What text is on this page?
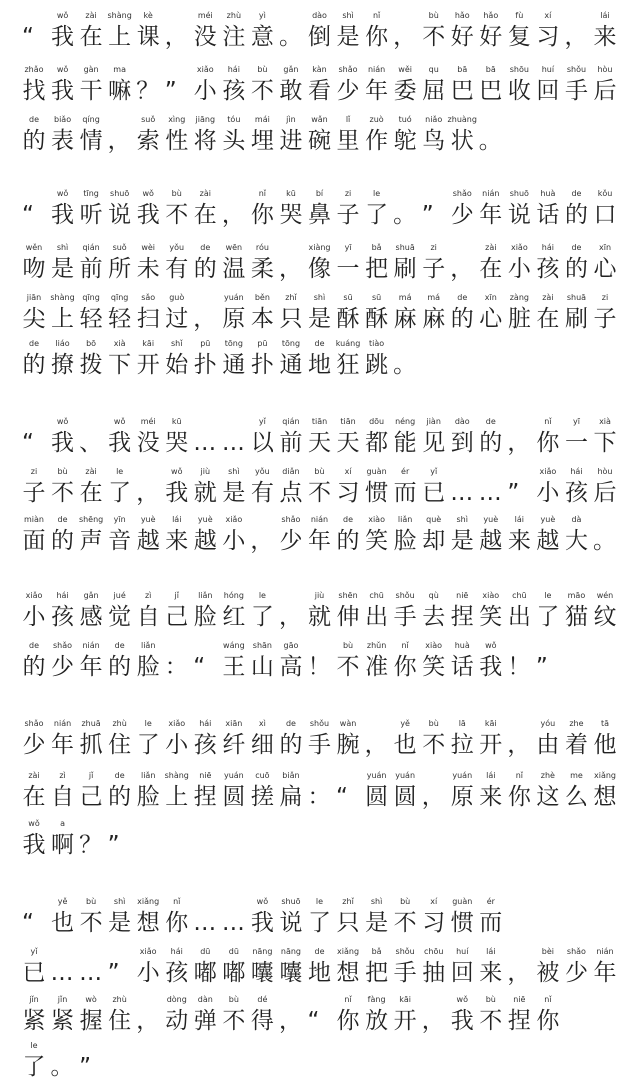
“
wǒ
我
zài
在
shàng
上
kè
课 ，
méi
没
zhù
注
yì
意 。
dào
倒
shì
是
nǐ
你 ，
bù
不
hǎo
好
hǎo
好
fù
复
xí
习 ，
lái
来
zhǎo
找
wǒ
我
gàn
干
ma
嘛 ？ ”
xiǎo
小
hái
孩
bù
不
gǎn
敢
kàn
看
shǎo
少
nián
年
wěi
委
qu
屈
bā
巴
bā
巴
shōu
收
huí
回
shǒu
手
hòu
后
de
的
biǎo
表
qíng
情 ，
suǒ
索
xìng
性
jiāng
将
tóu
头
mái
埋
jìn
进
wǎn
碗
lǐ
里
zuò
作
tuó
鸵
niǎo
鸟
zhuàng
状 。
“
wǒ
我
tīng
听
shuō
说
wǒ
我
bù
不
zài
在 ，
nǐ
你
kū
哭
bí
鼻
zi
子
le
了 。 ”
shǎo
少
nián
年
shuō
说
huà
话
de
的
kǒu
口
wěn
吻
shì
是
qián
前
suǒ
所
wèi
未
yǒu
有
de
的
wēn
温
róu
柔 ，
xiàng
像
yī
一
bǎ
把
shuā
刷
zi
子 ，
zài
在
xiǎo
小
hái
孩
de
的
xīn
心
jiān
尖
shàng
上
qīng
轻
qīng
轻
sǎo
扫
guò
过 ，
yuán
原
běn
本
zhǐ
只
shì
是
sū
酥
sū
酥
má
麻
má
麻
de
的
xīn
心
zàng
脏
zài
在
shuā
刷
zi
子
de
的
liáo
撩
bō
拨
xià
下
kāi
开
shǐ
始
pū
扑
tōng
通
pū
扑
tōng
通
de
地
kuáng
狂
tiào
跳 。
“
wǒ
我 、
wǒ
我
méi
没
kū
哭 … …
yǐ
以
qián
前
tiān
天
tiān
天
dōu
都
néng
能
jiàn
见
dào
到
de
的 ，
nǐ
你
yī
一
xià
下
zi
子
bù
不
zài
在
le
了 ，
wǒ
我
jiù
就
shì
是
yǒu
有
diǎn
点
bù
不
xí
习
guàn
惯
ér
而
yǐ
已 … … ”
xiǎo
小
hái
孩
hòu
后
miàn
面
de
的
shēng
声
yīn
音
yuè
越
lái
来
yuè
越
xiǎo
小 ，
shǎo
少
nián
年
de
的
xiào
笑
liǎn
脸
què
却
shì
是
yuè
越
lái
来
yuè
越
dà
大 。
xiǎo
小
hái
孩
gǎn
感
jué
觉
zì
自
jǐ
己
liǎn
脸
hóng
红
le
了 ，
jiù
就
shēn
伸
chū
出
shǒu
手
qù
去
niē
捏
xiào
笑
chū
出
le
了
māo
猫
wén
纹
de
的
shǎo
少
nián
年
de
的
liǎn
脸 ： “
wáng
王
shān
山
gāo
高 ！
bù
不
zhǔn
准
nǐ
你
xiào
笑
huà
话
wǒ
我 ！ ”
shǎo
少
nián
年
zhuā
抓
zhù
住
le
了
xiǎo
小
hái
孩
xiān
纤
xì
细
de
的
shǒu
手
wàn
腕 ，
yě
也
bù
不
lā
拉
kāi
开 ，
yóu
由
zhe
着
tā
他
zài
在
zì
自
jǐ
己
de
的
liǎn
脸
shàng
上
niē
捏
yuán
圆
cuō
搓
biǎn
扁 ： “
yuán
圆
yuán
圆 ，
yuán
原
lái
来
nǐ
你
zhè
这
me
么
xiǎng
想
wǒ
我
a
啊 ？ ”
“
yě
也
bù
不
shì
是
xiǎng
想
nǐ
你 … …
wǒ
我
shuō
说
le
了
zhǐ
只
shì
是
bù
不
xí
习
guàn
惯
ér
而
yǐ
已 … … ”
xiǎo
小
hái
孩
dū
嘟
dū
嘟
nāng
囔
nāng
囔
de
地
xiǎng
想
bǎ
把
shǒu
手
chōu
抽
huí
回
lái
来 ，
bèi
被
shǎo
少
nián
年
jǐn
紧
jǐn
紧
wò
握
zhù
住 ，
dòng
动
dàn
弹
bù
不
dé
得 ， “
nǐ
你
fàng
放
kāi
开 ，
wǒ
我
bù
不
niē
捏
nǐ
你
le
了 。 ”
